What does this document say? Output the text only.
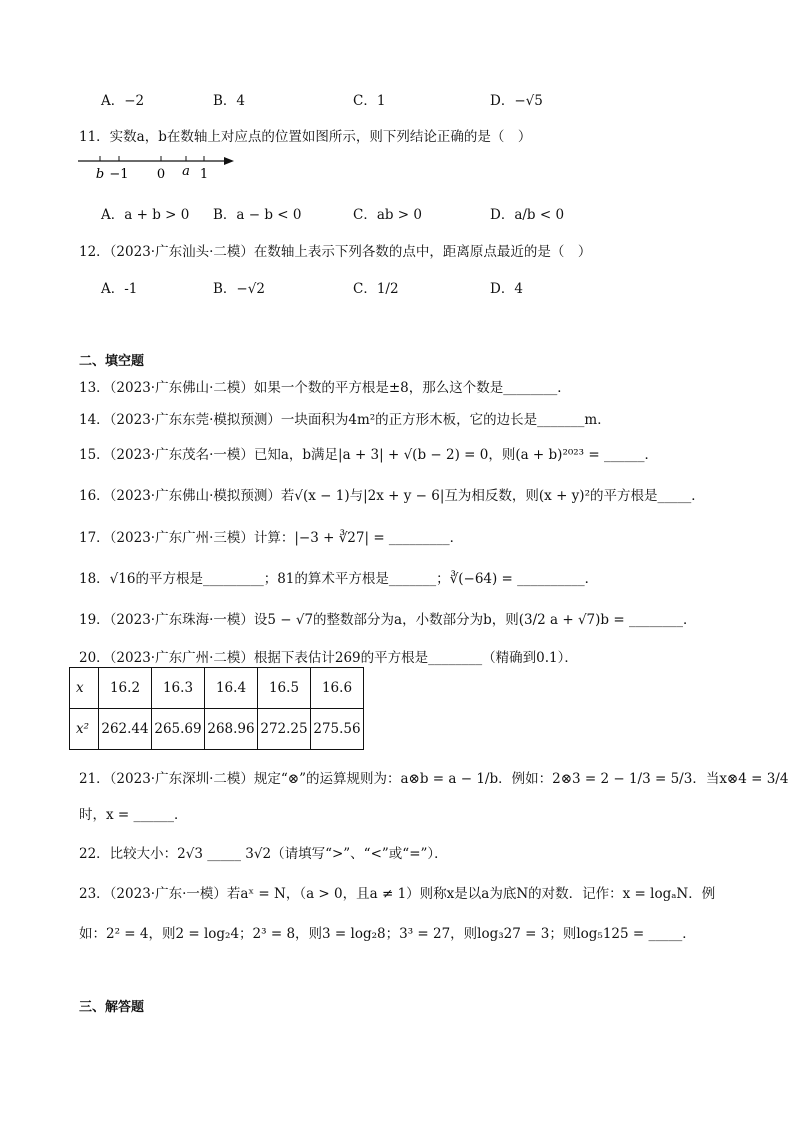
A．−2	B．4	C．1	D．−√5
11．实数a，b在数轴上对应点的位置如图所示，则下列结论正确的是（　）
b −1 0 a 1
A．a + b > 0 B．a − b < 0	C．ab > 0	D．a/b < 0
12．（2023·广东汕头·二模）在数轴上表示下列各数的点中，距离原点最近的是（　）
A．-1	B．−√2	C．1/2	D．4
二、填空题
13．（2023·广东佛山·二模）如果一个数的平方根是±8，那么这个数是________．
14．（2023·广东东莞·模拟预测）一块面积为4m²的正方形木板，它的边长是_______m．
15．（2023·广东茂名·一模）已知a，b满足|a + 3| + √(b − 2) = 0，则(a + b)²⁰²³ = ______．
16．（2023·广东佛山·模拟预测）若√(x − 1)与|2x + y − 6|互为相反数，则(x + y)²的平方根是_____．
17．（2023·广东广州·三模）计算：|−3 + ∛27| = _________．
18．√16的平方根是_________；81的算术平方根是_______；∛(−64) = __________．
19．（2023·广东珠海·一模）设5 − √7的整数部分为a，小数部分为b，则(3/2 a + √7)b = ________．
20．（2023·广东广州·二模）根据下表估计269的平方根是________（精确到0.1）．
x	16.2	16.3	16.4	16.5	16.6
x²	262.44	265.69	268.96	272.25	275.56
21．（2023·广东深圳·二模）规定“⊗”的运算规则为：a⊗b = a − 1/b．例如：2⊗3 = 2 − 1/3 = 5/3．当x⊗4 = 3/4
时，x = ______．
22．比较大小：2√3 _____ 3√2（请填写“>”、“<”或“=”）．
23．（2023·广东·一模）若aˣ = N，（a > 0，且a ≠ 1）则称x是以a为底N的对数．记作：x = logₐN．例
如：2² = 4，则2 = log₂4；2³ = 8，则3 = log₂8；3³ = 27，则log₃27 = 3；则log₅125 = _____．
三、解答题
